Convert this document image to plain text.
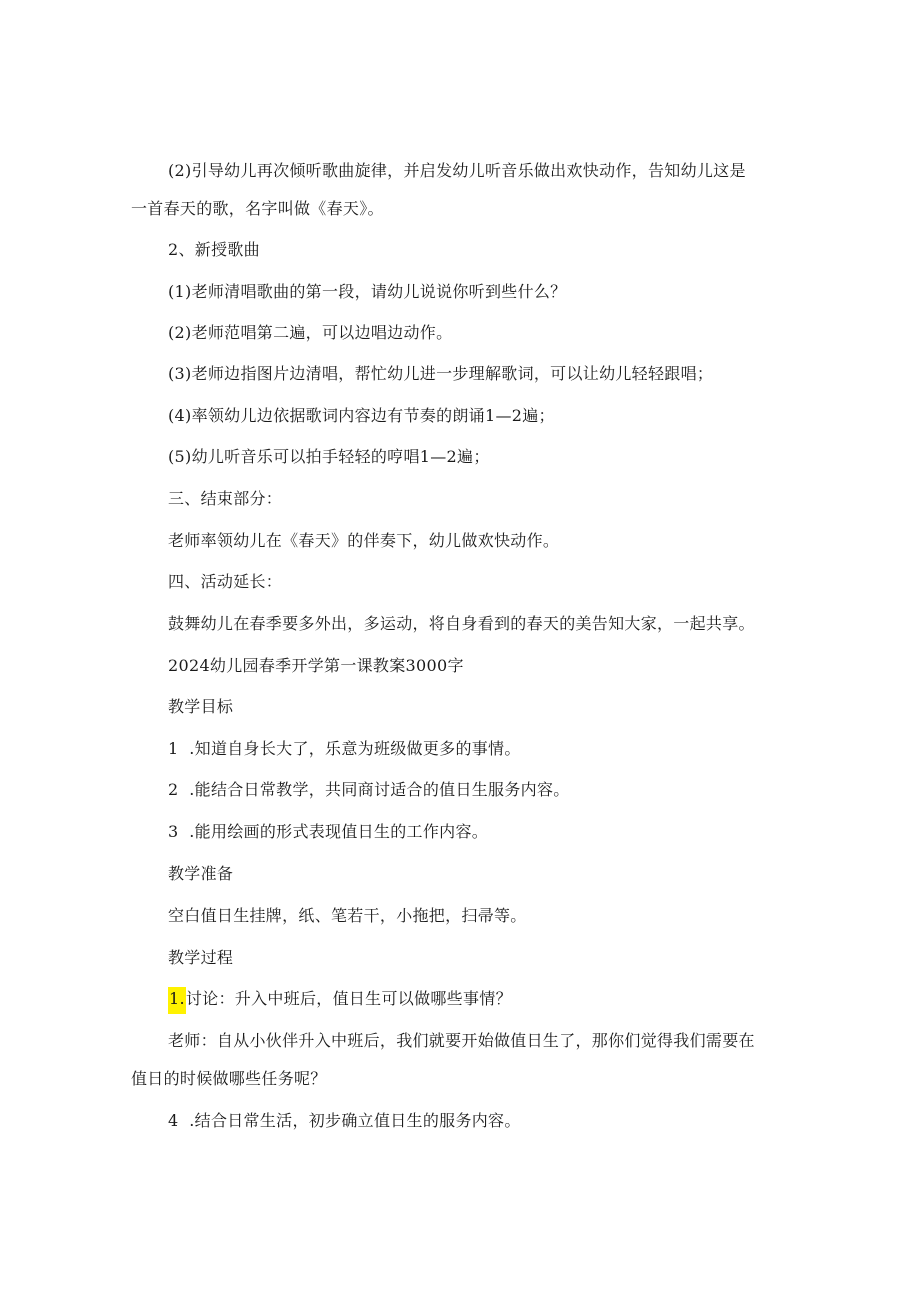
(2)引导幼儿再次倾听歌曲旋律，并启发幼儿听音乐做出欢快动作，告知幼儿这是
一首春天的歌，名字叫做《春天》。
2、新授歌曲
(1)老师清唱歌曲的第一段，请幼儿说说你听到些什么？
(2)老师范唱第二遍，可以边唱边动作。
(3)老师边指图片边清唱，帮忙幼儿进一步理解歌词，可以让幼儿轻轻跟唱；
(4)率领幼儿边依据歌词内容边有节奏的朗诵1—2遍；
(5)幼儿听音乐可以拍手轻轻的哼唱1—2遍；
三、结束部分：
老师率领幼儿在《春天》的伴奏下，幼儿做欢快动作。
四、活动延长：
鼓舞幼儿在春季要多外出，多运动，将自身看到的春天的美告知大家，一起共享。
2024幼儿园春季开学第一课教案3000字
教学目标
1 .知道自身长大了，乐意为班级做更多的事情。
2 .能结合日常教学，共同商讨适合的值日生服务内容。
3 .能用绘画的形式表现值日生的工作内容。
教学准备
空白值日生挂牌，纸、笔若干，小拖把，扫帚等。
教学过程
1.讨论：升入中班后，值日生可以做哪些事情？
老师：自从小伙伴升入中班后，我们就要开始做值日生了，那你们觉得我们需要在
值日的时候做哪些任务呢？
4 .结合日常生活，初步确立值日生的服务内容。
